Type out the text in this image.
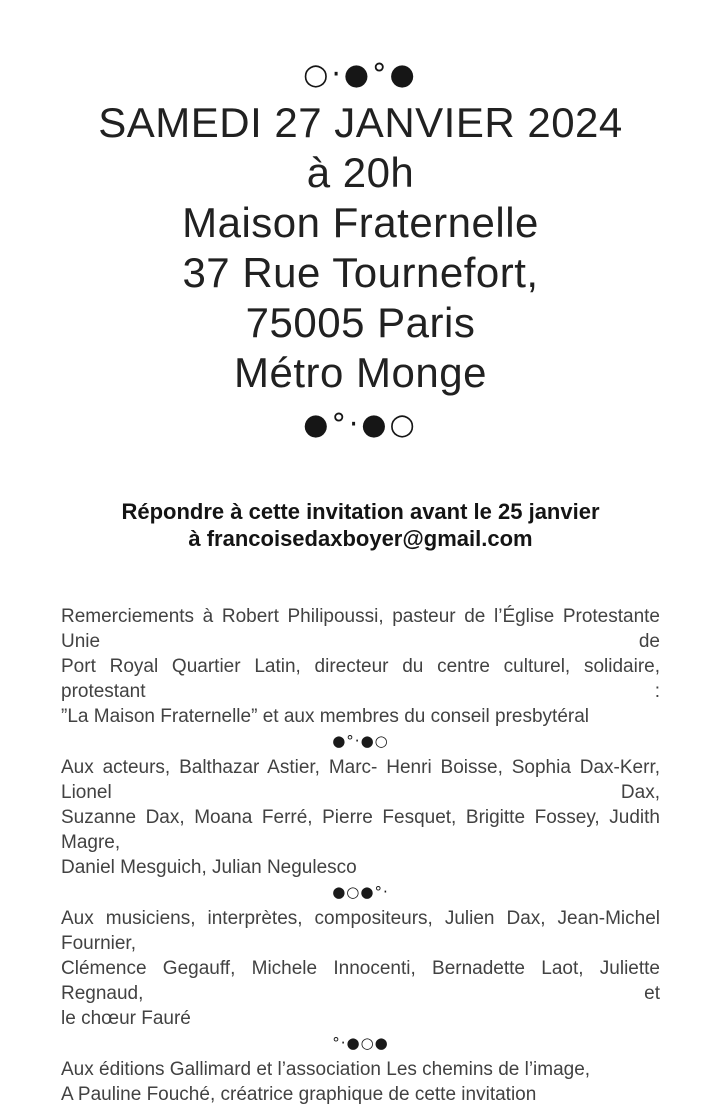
○·●°●
SAMEDI 27 JANVIER 2024
à 20h
Maison Fraternelle
37 Rue Tournefort,
75005 Paris
Métro Monge
●°·●○
Répondre à cette invitation avant le 25 janvier
à francoisedaxboyer@gmail.com
Remerciements à Robert Philipoussi, pasteur de l’Église Protestante Unie de
Port Royal Quartier Latin, directeur du centre culturel, solidaire, protestant :
”La Maison Fraternelle” et aux membres du conseil presbytéral
●°·●○
Aux acteurs, Balthazar Astier, Marc- Henri Boisse, Sophia Dax-Kerr, Lionel Dax,
Suzanne Dax, Moana Ferré, Pierre Fesquet, Brigitte Fossey, Judith Magre,
Daniel Mesguich, Julian Negulesco
●○●°·
Aux musiciens, interprètes, compositeurs, Julien Dax, Jean-Michel Fournier,
Clémence Gegauff, Michele Innocenti, Bernadette Laot, Juliette Regnaud, et
le chœur Fauré
°·●○●
Aux éditions Gallimard et l’association Les chemins de l’image,
A Pauline Fouché, créatrice graphique de cette invitation
